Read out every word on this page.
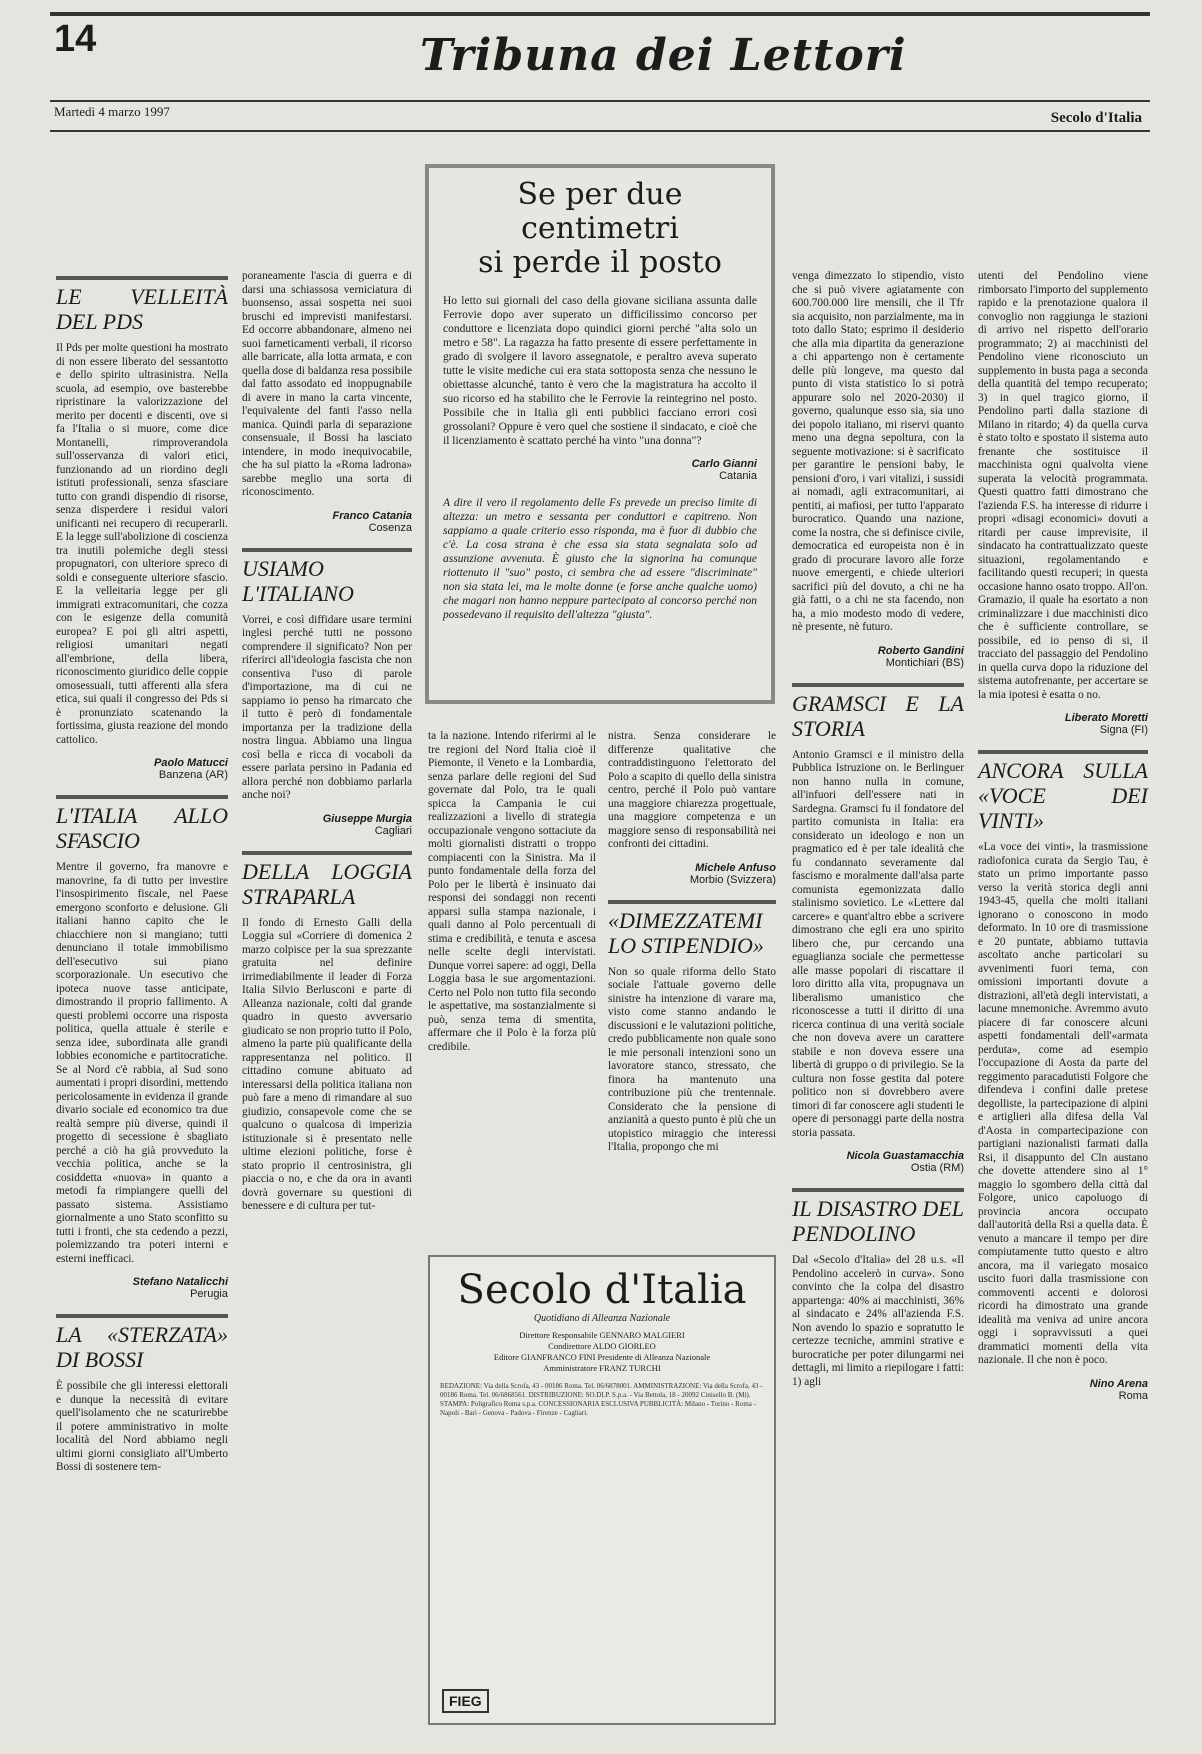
14	Tribuna dei Lettori
Martedì 4 marzo 1997	Secolo d'Italia
LE VELLEITÀ DEL PDS

Il Pds per molte questioni ha mostrato di non essere liberato del sessantotto e dello spirito ultrasinistra. Nella scuola, ad esempio, ove basterebbe ripristinare la valorizzazione del merito per docenti e discenti, ove si fa l'Italia o si muore, come dice Montanelli, rimproverandola sull'osservanza di valori etici, funzionando ad un riordino degli istituti professionali, senza sfasciare tutto con grandi dispendio di risorse, senza disperdere i residui valori unificanti nei recupero di recuperarli. E la legge sull'abolizione di coscienza tra inutili polemiche degli stessi propugnatori, con ulteriore spreco di soldi e conseguente ulteriore sfascio. E la velleitaria legge per gli immigrati extracomunitari, che cozza con le esigenze della comunità europea? E poi gli altri aspetti, religiosi umanitari negati all'embrione, della libera, riconoscimento giuridico delle coppie omosessuali, tutti afferenti alla sfera etica, sui quali il congresso dei Pds si è pronunziato scatenando la fortissima, giusta reazione del mondo cattolico.

Paolo Matucci
Banzena (AR)
L'ITALIA ALLO SFASCIO

Mentre il governo, fra manovre e manovrine, fa di tutto per investire l'insospirimento fiscale, nel Paese emergono sconforto e delusione. Gli italiani hanno capito che le chiacchiere non si mangiano; tutti denunciano il totale immobilismo dell'esecutivo sui piano scorporazionale. Un esecutivo che ipoteca nuove tasse anticipate, dimostrando il proprio fallimento. A questi problemi occorre una risposta politica, quella attuale è sterile e senza idee, subordinata alle grandi lobbies economiche e partitocratiche. Se al Nord c'è rabbia, al Sud sono aumentati i propri disordini, mettendo pericolosamente in evidenza il grande divario sociale ed economico tra due realtà sempre più diverse, quindi il progetto di secessione è sbagliato perché a ciò ha già provveduto la vecchia politica, anche se la cosiddetta «nuova» in quanto a metodi fa rimpiangere quelli del passato sistema. Assistiamo giornalmente a uno Stato sconfitto su tutti i fronti, che sta cedendo a pezzi, polemizzando tra poteri interni e esterni inefficaci.

Stefano Natalicchi
Perugia
LA «STERZATA» DI BOSSI

È possibile che gli interessi elettorali e dunque la necessità di evitare quell'isolamento che ne scaturirebbe il potere amministrativo in molte località del Nord abbiamo negli ultimi giorni consigliato all'Umberto Bossi di sostenere tem-

poraneamente l'ascia di guerra e di darsi una schiassosa verniciatura di buonsenso, assai sospetta nei suoi bruschi ed imprevisti manifestarsi. Ed occorre abbandonare, almeno nei suoi farneticamenti verbali, il ricorso alle barricate, alla lotta armata, e con quella dose di baldanza resa possibile dal fatto assodato ed inoppugnabile di avere in mano la carta vincente, l'equivalente del fanti l'asso nella manica. Quindi parla di separazione consensuale, il Bossi ha lasciato intendere, in modo inequivocabile, che ha sul piatto la «Roma ladrona» sarebbe meglio una sorta di riconoscimento.

Franco Catania
Cosenza
USIAMO L'ITALIANO

Vorrei, e così diffidare usare termini inglesi perché tutti ne possono comprendere il significato? Non per riferirci all'ideologia fascista che non consentiva l'uso di parole d'importazione, ma di cui ne sappiamo io penso ha rimarcato che il tutto è però di fondamentale importanza per la tradizione della nostra lingua. Abbiamo una lingua così bella e ricca di vocaboli da essere parlata persino in Padania ed allora perché non dobbiamo parlarla anche noi?

Giuseppe Murgia
Cagliari
DELLA LOGGIA STRAPARLA

Il fondo di Ernesto Galli della Loggia sul «Corriere di domenica 2 marzo colpisce per la sua sprezzante gratuita nel definire irrimediabilmente il leader di Forza Italia Silvio Berlusconi e parte di Alleanza nazionale, colti dal grande quadro in questo avversario giudicato se non proprio tutto il Polo, almeno la parte più qualificante della rappresentanza nel politico. Il cittadino comune abituato ad interessarsi della politica italiana non può fare a meno di rimandare al suo giudizio, consapevole come che se qualcuno o qualcosa di imperizia istituzionale si è presentato nelle ultime elezioni politiche, forse è stato proprio il centrosinistra, gli piaccia o no, e che da ora in avanti dovrà governare su questioni di benessere e di cultura per tut-

Se per due centimetri
si perde il posto
Ho letto sui giornali del caso della giovane siciliana assunta dalle Ferrovie dopo aver superato un difficilissimo concorso per conduttore e licenziata dopo quindici giorni perché "alta solo un metro e 58". La ragazza ha fatto presente di essere perfettamente in grado di svolgere il lavoro assegnatole, e peraltro aveva superato tutte le visite mediche cui era stata sottoposta senza che nessuno le obiettasse alcunché, tanto è vero che la magistratura ha accolto il suo ricorso ed ha stabilito che le Ferrovie la reintegrino nel posto. Possibile che in Italia gli enti pubblici facciano errori così grossolani? Oppure è vero quel che sostiene il sindacato, e cioè che il licenziamento è scattato perché ha vinto "una donna"?
Carlo Gianni
Catania
A dire il vero il regolamento delle Fs prevede un preciso limite di altezza: un metro e sessanta per conduttori e capitreno. Non sappiamo a quale criterio esso risponda, ma è fuor di dubbio che c'è. La cosa strana è che essa sia stata segnalata solo ad assunzione avvenuta. È giusto che la signorina ha comunque riottenuto il "suo" posto, ci sembra che ad essere "discriminate" non sia stata lei, ma le molte donne (e forse anche qualche uomo) che magari non hanno neppure partecipato al concorso perché non possedevano il requisito dell'altezza "giusta".

ta la nazione. Intendo riferirmi al le tre regioni del Nord Italia cioè il Piemonte, il Veneto e la Lombardia, senza parlare delle regioni del Sud governate dal Polo, tra le quali spicca la Campania le cui realizzazioni a livello di strategia occupazionale vengono sottaciute da molti giornalisti distratti o troppo compiacenti con la Sinistra. Ma il punto fondamentale della forza del Polo per le libertà è insinuato dai responsi dei sondaggi non recenti apparsi sulla stampa nazionale, i quali danno al Polo percentuali di stima e credibilità, e tenuta e ascesa nelle scelte degli intervistati. Dunque vorrei sapere: ad oggi, Della Loggia basa le sue argomentazioni. Certo nel Polo non tutto fila secondo le aspettative, ma sostanzialmente si può, senza tema di smentita, affermare che il Polo è la forza più credibile.

nistra. Senza considerare le differenze qualitative che contraddistinguono l'elettorato del Polo a scapito di quello della sinistra centro, perché il Polo può vantare una maggiore chiarezza progettuale, una maggiore competenza e un maggiore senso di responsabilità nei confronti dei cittadini.

Michele Anfuso
Morbio (Svizzera)
«DIMEZZATEMI LO STIPENDIO»

Non so quale riforma dello Stato sociale l'attuale governo delle sinistre ha intenzione di varare ma, visto come stanno andando le discussioni e le valutazioni politiche, credo pubblicamente non quale sono le mie personali intenzioni sono un lavoratore stanco, stressato, che finora ha mantenuto una contribuzione più che trentennale. Considerato che la pensione di anzianità a questo punto è più che un utopistico miraggio che interessi l'Italia, propongo che mi

Secolo d'Italia
Quotidiano di Alleanza Nazionale
Direttore Responsabile GENNARO MALGIERI
Condirettore ALDO GIORLEO
Editore GIANFRANCO FINI Presidente di Alleanza Nazionale
Amministratore FRANZ TURCHI
REDAZIONE: Via della Scrofa, 43 - 00186 Roma. Tel. 06/6878001. AMMINISTRAZIONE: Via della Scrofa, 43 - 00186 Roma. Tel. 06/6868561. DISTRIBUZIONE: SO.DI.P. S.p.a. - Via Bettola, 18 - 20092 Cinisello B. (Mi). STAMPA: Poligrafico Roma s.p.a. CONCESSIONARIA ESCLUSIVA PUBBLICITÀ: Milano - Torino - Roma - Napoli - Bari - Genova - Padova - Firenze - Cagliari.
FIEG

venga dimezzato lo stipendio, visto che si può vivere agiatamente con 600.700.000 lire mensili, che il Tfr sia acquisito, non parzialmente, ma in toto dallo Stato; esprimo il desiderio che alla mia dipartita da generazione a chi appartengo non è certamente delle più longeve, ma questo dal punto di vista statistico lo si potrà appurare solo nel 2020-2030) il governo, qualunque esso sia, sia uno dei popolo italiano, mi riservi quanto meno una degna sepoltura, con la seguente motivazione: si è sacrificato per garantire le pensioni baby, le pensioni d'oro, i vari vitalizi, i sussidi ai nomadi, agli extracomunitari, ai pentiti, ai mafiosi, per tutto l'apparato burocratico. Quando una nazione, come la nostra, che si definisce civile, democratica ed europeista non è in grado di procurare lavoro alle forze nuove emergenti, e chiede ulteriori sacrifici più del dovuto, a chi ne ha già fatti, o a chi ne sta facendo, non ha, a mio modesto modo di vedere, nè presente, nè futuro.

Roberto Gandini
Montichiari (BS)
GRAMSCI E LA STORIA

Antonio Gramsci e il ministro della Pubblica Istruzione on. le Berlinguer non hanno nulla in comune, all'infuori dell'essere nati in Sardegna. Gramsci fu il fondatore del partito comunista in Italia: era considerato un ideologo e non un pragmatico ed è per tale idealità che fu condannato severamente dal fascismo e moralmente dall'alsa parte comunista egemonizzata dallo stalinismo sovietico. Le «Lettere dal carcere» e quant'altro ebbe a scrivere dimostrano che egli era uno spirito libero che, pur cercando una eguaglianza sociale che permettesse alle masse popolari di riscattare il loro diritto alla vita, propugnava un liberalismo umanistico che riconoscesse a tutti il diritto di una ricerca continua di una verità sociale che non doveva avere un carattere stabile e non doveva essere una libertà di gruppo o di privilegio. Se la cultura non fosse gestita dal potere politico non si dovrebbero avere timori di far conoscere agli studenti le opere di personaggi parte della nostra storia passata.

Nicola Guastamacchia
Ostia (RM)
IL DISASTRO DEL PENDOLINO

Dal «Secolo d'Italia» del 28 u.s. «Il Pendolino accelerò in curva». Sono convinto che la colpa del disastro appartenga: 40% ai macchinisti, 36% al sindacato e 24% all'azienda F.S. Non avendo lo spazio e sopratutto le certezze tecniche, ammini strative e burocratiche per poter dilungarmi nei dettagli, mi limito a riepilogare i fatti: 1) agli

utenti del Pendolino viene rimborsato l'importo del supplemento rapido e la prenotazione qualora il convoglio non raggiunga le stazioni di arrivo nel rispetto dell'orario programmato; 2) ai macchinisti del Pendolino viene riconosciuto un supplemento in busta paga a seconda della quantità del tempo recuperato; 3) in quel tragico giorno, il Pendolino partì dalla stazione di Milano in ritardo; 4) da quella curva è stato tolto e spostato il sistema auto frenante che sostituisce il macchinista ogni qualvolta viene superata la velocità programmata. Questi quattro fatti dimostrano che l'azienda F.S. ha interesse di ridurre i propri «disagi economici» dovuti a ritardi per cause imprevisite, il sindacato ha contrattualizzato queste situazioni, regolamentando e facilitando questi recuperi; in questa occasione hanno osato troppo. All'on. Gramazio, il quale ha esortato a non criminalizzare i due macchinisti dico che è sufficiente controllare, se possibile, ed io penso di si, il tracciato del passaggio del Pendolino in quella curva dopo la riduzione del sistema autofrenante, per accertare se la mia ipotesi è esatta o no.

Liberato Moretti
Signa (FI)
ANCORA SULLA «VOCE DEI VINTI»

«La voce dei vinti», la trasmissione radiofonica curata da Sergio Tau, è stato un primo importante passo verso la verità storica degli anni 1943-45, quella che molti italiani ignorano o conoscono in modo deformato. In 10 ore di trasmissione e 20 puntate, abbiamo tuttavia ascoltato anche particolari su avvenimenti fuori tema, con omissioni importanti dovute a distrazioni, all'età degli intervistati, a lacune mnemoniche. Avremmo avuto piacere di far conoscere alcuni aspetti fondamentali dell'«armata perduta», come ad esempio l'occupazione di Aosta da parte del reggimento paracadutisti Folgore che difendeva i confini dalle pretese degolliste, la partecipazione di alpini e artiglieri alla difesa della Val d'Aosta in compartecipazione con partigiani nazionalisti farmati dalla Rsi, il disappunto del Cln austano che dovette attendere sino al 1° maggio lo sgombero della città dal Folgore, unico capoluogo di provincia ancora occupato dall'autorità della Rsi a quella data. È venuto a mancare il tempo per dire compiutamente tutto questo e altro ancora, ma il variegato mosaico uscito fuori dalla trasmissione con commoventi accenti e dolorosi ricordi ha dimostrato una grande idealità ma veniva ad unire ancora oggi i sopravvissuti a quei drammatici momenti della vita nazionale. Il che non è poco.

Nino Arena
Roma
